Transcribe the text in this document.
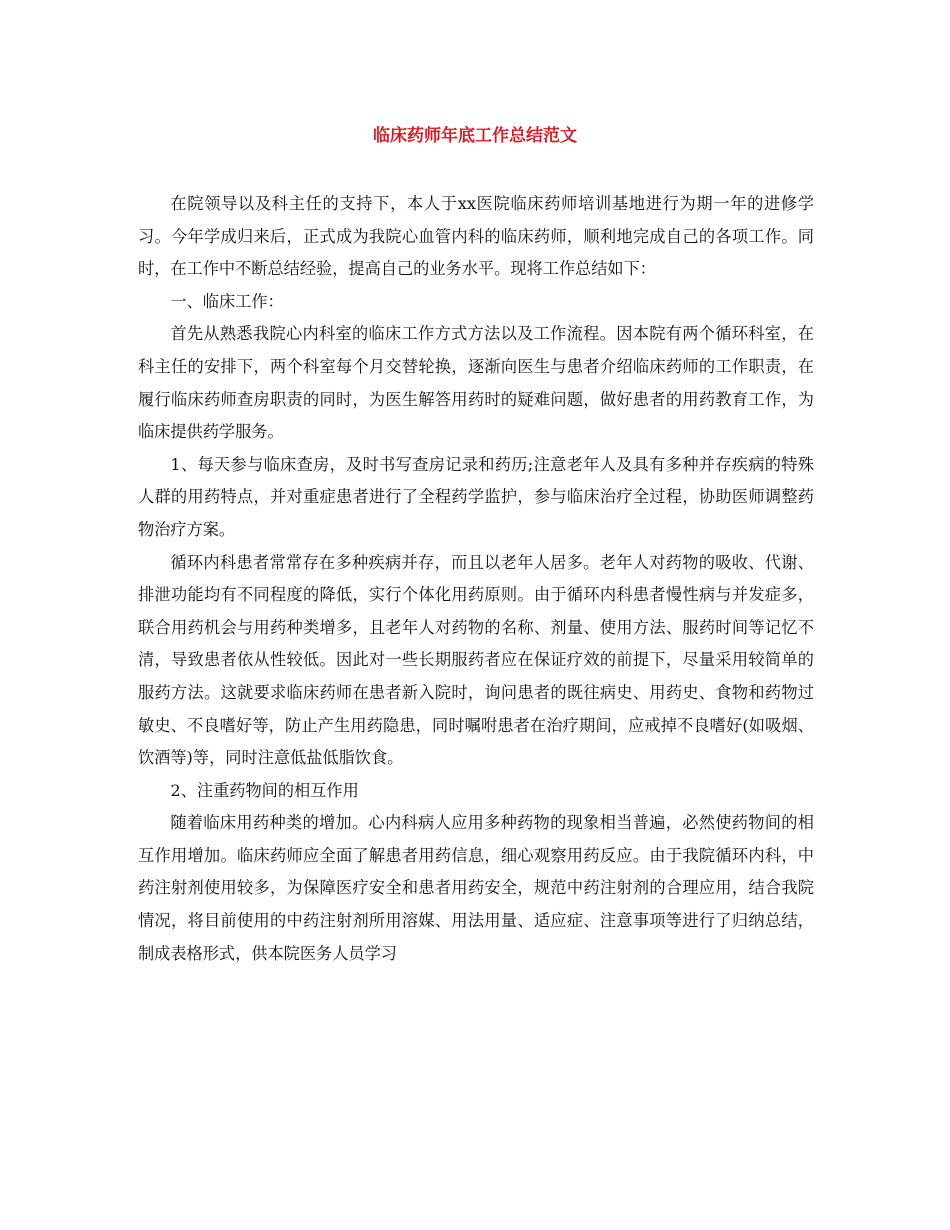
临床药师年底工作总结范文

在院领导以及科主任的支持下，本人于xx医院临床药师培训基地进行为期一年的进修学习。今年学成归来后，正式成为我院心血管内科的临床药师，顺利地完成自己的各项工作。同时，在工作中不断总结经验，提高自己的业务水平。现将工作总结如下：

一、临床工作：

首先从熟悉我院心内科室的临床工作方式方法以及工作流程。因本院有两个循环科室，在科主任的安排下，两个科室每个月交替轮换，逐渐向医生与患者介绍临床药师的工作职责，在履行临床药师查房职责的同时，为医生解答用药时的疑难问题，做好患者的用药教育工作，为临床提供药学服务。

1、每天参与临床查房，及时书写查房记录和药历;注意老年人及具有多种并存疾病的特殊人群的用药特点，并对重症患者进行了全程药学监护，参与临床治疗全过程，协助医师调整药物治疗方案。

循环内科患者常常存在多种疾病并存，而且以老年人居多。老年人对药物的吸收、代谢、排泄功能均有不同程度的降低，实行个体化用药原则。由于循环内科患者慢性病与并发症多，联合用药机会与用药种类增多，且老年人对药物的名称、剂量、使用方法、服药时间等记忆不清，导致患者依从性较低。因此对一些长期服药者应在保证疗效的前提下，尽量采用较简单的服药方法。这就要求临床药师在患者新入院时，询问患者的既往病史、用药史、食物和药物过敏史、不良嗜好等，防止产生用药隐患，同时嘱咐患者在治疗期间，应戒掉不良嗜好(如吸烟、饮酒等)等，同时注意低盐低脂饮食。

2、注重药物间的相互作用

随着临床用药种类的增加。心内科病人应用多种药物的现象相当普遍，必然使药物间的相互作用增加。临床药师应全面了解患者用药信息，细心观察用药反应。由于我院循环内科，中药注射剂使用较多，为保障医疗安全和患者用药安全，规范中药注射剂的合理应用，结合我院情况，将目前使用的中药注射剂所用溶媒、用法用量、适应症、注意事项等进行了归纳总结，制成表格形式，供本院医务人员学习
